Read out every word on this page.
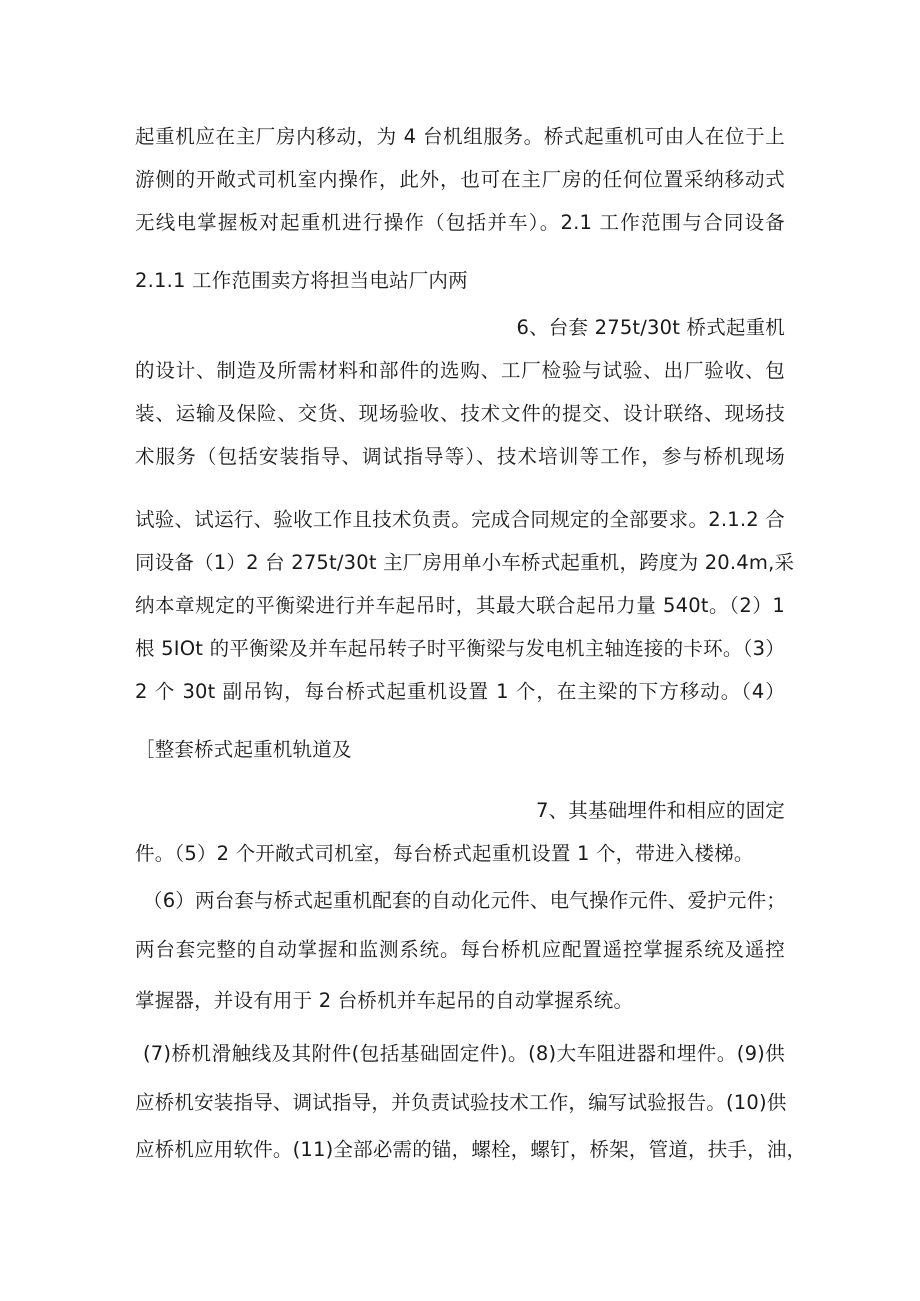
起重机应在主厂房内移动，为 4 台机组服务。桥式起重机可由人在位于上
游侧的开敞式司机室内操作，此外，也可在主厂房的任何位置采纳移动式
无线电掌握板对起重机进行操作（包括并车）。2.1 工作范围与合同设备
2.1.1 工作范围卖方将担当电站厂内两
6、台套 275t∕30t 桥式起重机
的设计、制造及所需材料和部件的选购、工厂检验与试验、出厂验收、包
装、运输及保险、交货、现场验收、技术文件的提交、设计联络、现场技
术服务（包括安装指导、调试指导等）、技术培训等工作，参与桥机现场
试验、试运行、验收工作且技术负责。完成合同规定的全部要求。2.1.2 合
同设备（1）2 台 275t∕30t 主厂房用单小车桥式起重机，跨度为 20.4m,采
纳本章规定的平衡梁进行并车起吊时，其最大联合起吊力量 540t。（2）1
根 5IOt 的平衡梁及并车起吊转子时平衡梁与发电机主轴连接的卡环。（3）
2 个 30t 副吊钩，每台桥式起重机设置 1 个，在主梁的下方移动。（4）
［整套桥式起重机轨道及
7、其基础埋件和相应的固定
件。（5）2 个开敞式司机室，每台桥式起重机设置 1 个，带进入楼梯。
（6）两台套与桥式起重机配套的自动化元件、电气操作元件、爱护元件；
两台套完整的自动掌握和监测系统。每台桥机应配置遥控掌握系统及遥控
掌握器，并设有用于 2 台桥机并车起吊的自动掌握系统。
(7)桥机滑触线及其附件(包括基础固定件)。(8)大车阻进器和埋件。(9)供
应桥机安装指导、调试指导，并负责试验技术工作，编写试验报告。(10)供
应桥机应用软件。(11)全部必需的锚，螺栓，螺钉，桥架，管道，扶手，油，
